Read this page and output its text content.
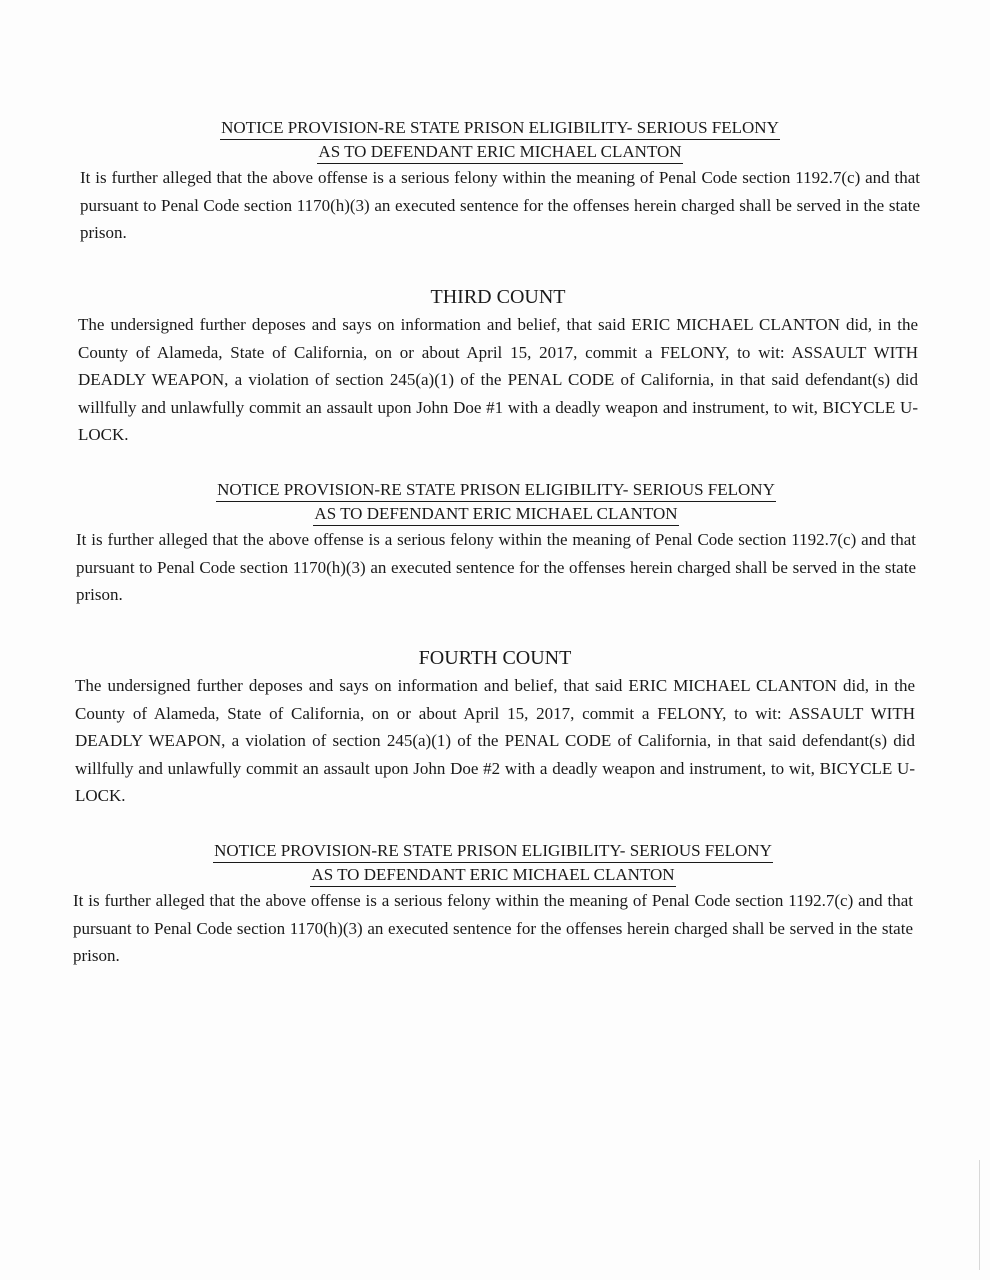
NOTICE PROVISION-RE STATE PRISON ELIGIBILITY- SERIOUS FELONY

AS TO DEFENDANT ERIC MICHAEL CLANTON

It is further alleged that the above offense is a serious felony within the meaning of Penal Code section 1192.7(c) and that pursuant to Penal Code section 1170(h)(3) an executed sentence for the offenses herein charged shall be served in the state prison.

THIRD COUNT

The undersigned further deposes and says on information and belief, that said ERIC MICHAEL CLANTON did, in the County of Alameda, State of California, on or about April 15, 2017, commit a FELONY, to wit: ASSAULT WITH DEADLY WEAPON, a violation of section 245(a)(1) of the PENAL CODE of California, in that said defendant(s) did willfully and unlawfully commit an assault upon John Doe #1 with a deadly weapon and instrument, to wit, BICYCLE U-LOCK.

NOTICE PROVISION-RE STATE PRISON ELIGIBILITY- SERIOUS FELONY

AS TO DEFENDANT ERIC MICHAEL CLANTON

It is further alleged that the above offense is a serious felony within the meaning of Penal Code section 1192.7(c) and that pursuant to Penal Code section 1170(h)(3) an executed sentence for the offenses herein charged shall be served in the state prison.

FOURTH COUNT

The undersigned further deposes and says on information and belief, that said ERIC MICHAEL CLANTON did, in the County of Alameda, State of California, on or about April 15, 2017, commit a FELONY, to wit: ASSAULT WITH DEADLY WEAPON, a violation of section 245(a)(1) of the PENAL CODE of California, in that said defendant(s) did willfully and unlawfully commit an assault upon John Doe #2 with a deadly weapon and instrument, to wit, BICYCLE U-LOCK.

NOTICE PROVISION-RE STATE PRISON ELIGIBILITY- SERIOUS FELONY

AS TO DEFENDANT ERIC MICHAEL CLANTON

It is further alleged that the above offense is a serious felony within the meaning of Penal Code section 1192.7(c) and that pursuant to Penal Code section 1170(h)(3) an executed sentence for the offenses herein charged shall be served in the state prison.
